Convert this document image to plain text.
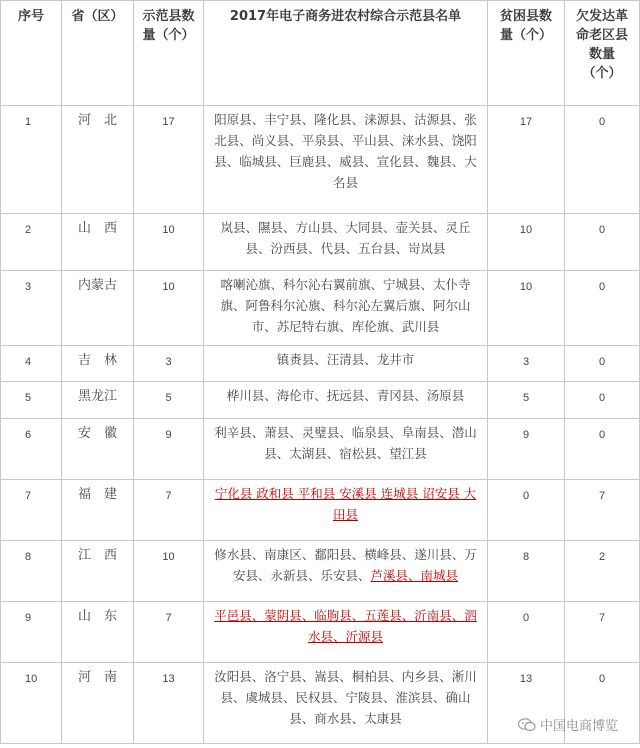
序号	省（区）	示范县数量（个）	2017年电子商务进农村综合示范县名单	贫困县数量（个）	欠发达革命老区县数量（个）
1	河　北	17	阳原县、丰宁县、隆化县、涞源县、沽源县、张北县、尚义县、平泉县、平山县、涞水县、饶阳县、临城县、巨鹿县、威县、宣化县、魏县、大名县	17	0
2	山　西	10	岚县、隰县、方山县、大同县、壶关县、灵丘县、汾西县、代县、五台县、岢岚县	10	0
3	内蒙古	10	喀喇沁旗、科尔沁右翼前旗、宁城县、太仆寺旗、阿鲁科尔沁旗、科尔沁左翼后旗、阿尔山市、苏尼特右旗、库伦旗、武川县	10	0
4	吉　林	3	镇赉县、汪清县、龙井市	3	0
5	黑龙江	5	桦川县、海伦市、抚远县、青冈县、汤原县	5	0
6	安　徽	9	利辛县、萧县、灵璧县、临泉县、阜南县、潜山县、太湖县、宿松县、望江县	9	0
7	福　建	7	宁化县 政和县 平和县 安溪县 连城县 诏安县 大田县	0	7
8	江　西	10	修水县、南康区、鄱阳县、横峰县、遂川县、万安县、永新县、乐安县、芦溪县、南城县	8	2
9	山　东	7	平邑县、蒙阴县、临朐县、五莲县、沂南县、泗水县、沂源县	0	7
10	河　南	13	汝阳县、洛宁县、嵩县、桐柏县、内乡县、淅川县、虞城县、民权县、宁陵县、淮滨县、确山县、商水县、太康县	13	0
中国电商博览
